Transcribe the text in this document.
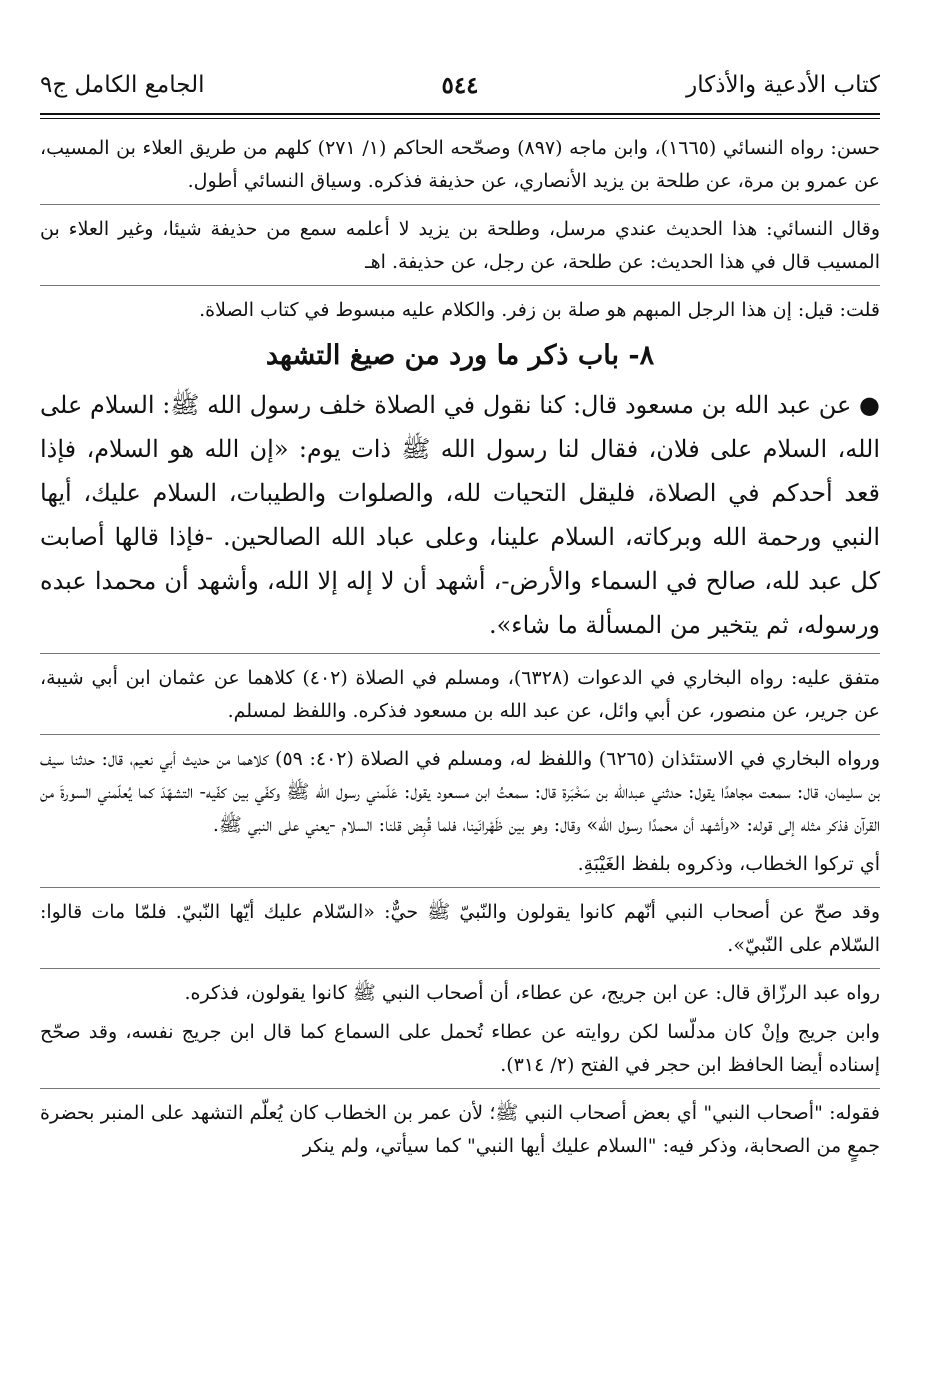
كتاب الأدعية والأذكار
٥٤٤
الجامع الكامل ج٩

حسن: رواه النسائي (١٦٦٥)، وابن ماجه (٨٩٧) وصحّحه الحاكم (١/ ٢٧١) كلهم من طريق العلاء بن المسيب، عن عمرو بن مرة، عن طلحة بن يزيد الأنصاري، عن حذيفة فذكره. وسياق النسائي أطول.

وقال النسائي: هذا الحديث عندي مرسل، وطلحة بن يزيد لا أعلمه سمع من حذيفة شيئا، وغير العلاء بن المسيب قال في هذا الحديث: عن طلحة، عن رجل، عن حذيفة. اهـ

قلت: قيل: إن هذا الرجل المبهم هو صلة بن زفر. والكلام عليه مبسوط في كتاب الصلاة.

٨- باب ذكر ما ورد من صيغ التشهد

● عن عبد الله بن مسعود قال: كنا نقول في الصلاة خلف رسول الله ﷺ: السلام على الله، السلام على فلان، فقال لنا رسول الله ﷺ ذات يوم: «إن الله هو السلام، فإذا قعد أحدكم في الصلاة، فليقل التحيات لله، والصلوات والطيبات، السلام عليك، أيها النبي ورحمة الله وبركاته، السلام علينا، وعلى عباد الله الصالحين. -فإذا قالها أصابت كل عبد لله، صالح في السماء والأرض-، أشهد أن لا إله إلا الله، وأشهد أن محمدا عبده ورسوله، ثم يتخير من المسألة ما شاء».

متفق عليه: رواه البخاري في الدعوات (٦٣٢٨)، ومسلم في الصلاة (٤٠٢) كلاهما عن عثمان ابن أبي شيبة، عن جرير، عن منصور، عن أبي وائل، عن عبد الله بن مسعود فذكره. واللفظ لمسلم.

ورواه البخاري في الاستئذان (٦٢٦٥) واللفظ له، ومسلم في الصلاة (٤٠٢: ٥٩) كلاهما من حديث أبي نعيم، قال: حدثنا سيف بن سليمان، قال: سمعت مجاهدًا يقول: حدثني عبدالله بن سَخْبَرة قال: سمعتُ ابن مسعود يقول: عَلّمني رسول الله ﷺ وكفّي بين كفّيه- التشهّدَ كما يُعلّمني السورةَ من القرآن فذكر مثله إلى قوله: «وأشهد أن محمدًا رسول الله» وقال: وهو بين ظَهْرانَينا، فلما قُبِض قلنا: السلام -يعني على النبي ﷺ.

أي تركوا الخطاب، وذكروه بلفظ الغَيْبَةِ.

وقد صحّ عن أصحاب النبي أنّهم كانوا يقولون والنّبيّ ﷺ حيٌّ: «السّلام عليك أيّها النّبيّ. فلمّا مات قالوا: السّلام على النّبيّ».

رواه عبد الرزّاق قال: عن ابن جريج، عن عطاء، أن أصحاب النبي ﷺ كانوا يقولون، فذكره.

وابن جريج وإنْ كان مدلّسا لكن روايته عن عطاء تُحمل على السماع كما قال ابن جريج نفسه، وقد صحّح إسناده أيضا الحافظ ابن حجر في الفتح (٢/ ٣١٤).

فقوله: "أصحاب النبي" أي بعض أصحاب النبي ﷺ؛ لأن عمر بن الخطاب كان يُعلّم التشهد على المنبر بحضرة جمعٍ من الصحابة، وذكر فيه: "السلام عليك أيها النبي" كما سيأتي، ولم ينكر
